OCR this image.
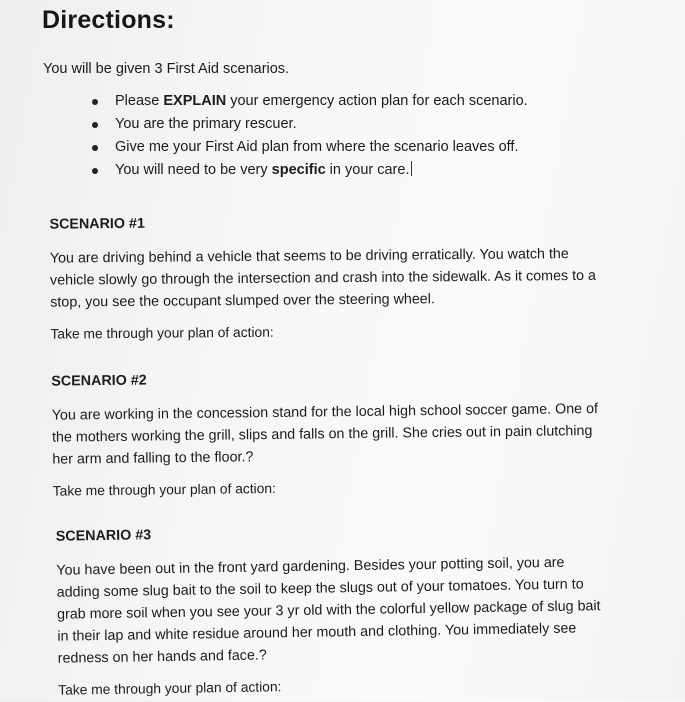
Directions:
You will be given 3 First Aid scenarios.
Please EXPLAIN your emergency action plan for each scenario.
You are the primary rescuer.
Give me your First Aid plan from where the scenario leaves off.
You will need to be very specific in your care.
SCENARIO #1
You are driving behind a vehicle that seems to be driving erratically. You watch the
vehicle slowly go through the intersection and crash into the sidewalk. As it comes to a
stop, you see the occupant slumped over the steering wheel.
Take me through your plan of action:
SCENARIO #2
You are working in the concession stand for the local high school soccer game. One of
the mothers working the grill, slips and falls on the grill. She cries out in pain clutching
her arm and falling to the floor.?
Take me through your plan of action:
SCENARIO #3
You have been out in the front yard gardening. Besides your potting soil, you are
adding some slug bait to the soil to keep the slugs out of your tomatoes. You turn to
grab more soil when you see your 3 yr old with the colorful yellow package of slug bait
in their lap and white residue around her mouth and clothing. You immediately see
redness on her hands and face.?
Take me through your plan of action:
